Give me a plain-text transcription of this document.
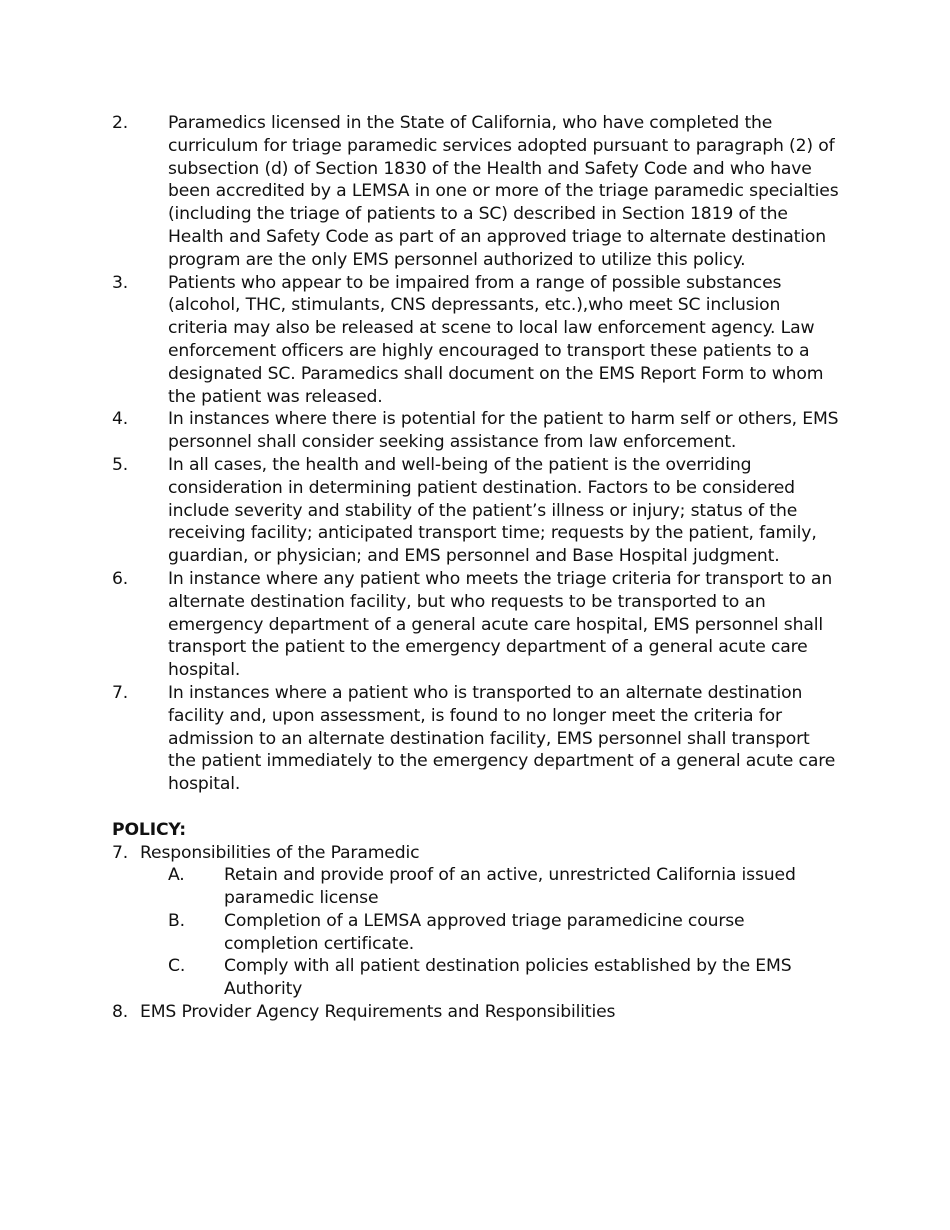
2.	Paramedics licensed in the State of California, who have completed the curriculum for triage paramedic services adopted pursuant to paragraph (2) of subsection (d) of Section 1830 of the Health and Safety Code and who have been accredited by a LEMSA in one or more of the triage paramedic specialties (including the triage of patients to a SC) described in Section 1819 of the Health and Safety Code as part of an approved triage to alternate destination program are the only EMS personnel authorized to utilize this policy.
3.	Patients who appear to be impaired from a range of possible substances (alcohol, THC, stimulants, CNS depressants, etc.),who meet SC inclusion criteria may also be released at scene to local law enforcement agency. Law enforcement officers are highly encouraged to transport these patients to a designated SC. Paramedics shall document on the EMS Report Form to whom the patient was released.
4.	In instances where there is potential for the patient to harm self or others, EMS personnel shall consider seeking assistance from law enforcement.
5.	In all cases, the health and well-being of the patient is the overriding consideration in determining patient destination. Factors to be considered include severity and stability of the patient’s illness or injury; status of the receiving facility; anticipated transport time; requests by the patient, family, guardian, or physician; and EMS personnel and Base Hospital judgment.
6.	In instance where any patient who meets the triage criteria for transport to an alternate destination facility, but who requests to be transported to an emergency department of a general acute care hospital, EMS personnel shall transport the patient to the emergency department of a general acute care hospital.
7.	In instances where a patient who is transported to an alternate destination facility and, upon assessment, is found to no longer meet the criteria for admission to an alternate destination facility, EMS personnel shall transport the patient immediately to the emergency department of a general acute care hospital.
POLICY:
7. Responsibilities of the Paramedic
A.	Retain and provide proof of an active, unrestricted California issued paramedic license
B.	Completion of a LEMSA approved triage paramedicine course completion certificate.
C.	Comply with all patient destination policies established by the EMS Authority
8. EMS Provider Agency Requirements and Responsibilities
